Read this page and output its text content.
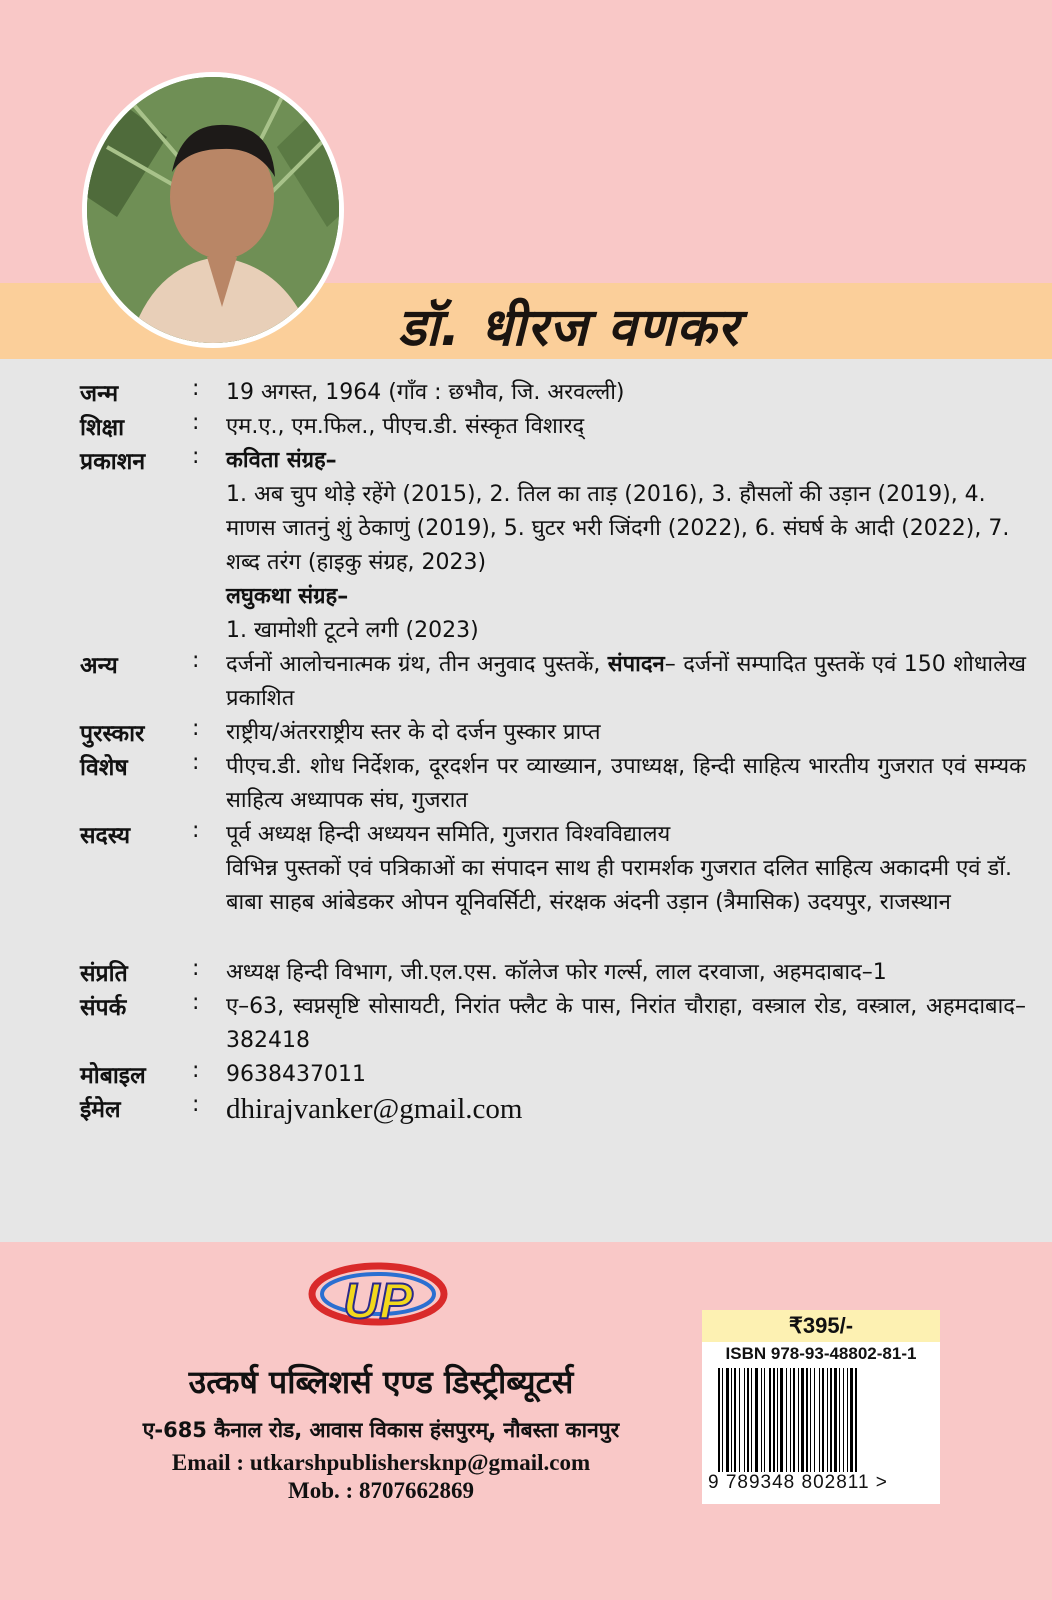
डॉ. धीरज वणकर
जन्म	: 19 अगस्त, 1964 (गाँव : छभौव, जि. अरवल्ली)
शिक्षा	: एम.ए., एम.फिल., पीएच.डी. संस्कृत विशारद्
प्रकाशन : कविता संग्रह–
1. अब चुप थोड़े रहेंगे (2015), 2. तिल का ताड़ (2016), 3. हौसलों की उड़ान (2019), 4. माणस जातनुं शुं ठेकाणुं (2019), 5. घुटर भरी जिंदगी (2022), 6. संघर्ष के आदी (2022), 7. शब्द तरंग (हाइकु संग्रह, 2023)
लघुकथा संग्रह–
1. खामोशी टूटने लगी (2023)
अन्य	: दर्जनों आलोचनात्मक ग्रंथ, तीन अनुवाद पुस्तकें, संपादन– दर्जनों सम्पादित पुस्तकें एवं 150 शोधालेख प्रकाशित
पुरस्कार : राष्ट्रीय/अंतरराष्ट्रीय स्तर के दो दर्जन पुस्कार प्राप्त
विशेष	: पीएच.डी. शोध निर्देशक, दूरदर्शन पर व्याख्यान, उपाध्यक्ष, हिन्दी साहित्य भारतीय गुजरात एवं सम्यक साहित्य अध्यापक संघ, गुजरात
सदस्य	: पूर्व अध्यक्ष हिन्दी अध्ययन समिति, गुजरात विश्वविद्यालय
विभिन्न पुस्तकों एवं पत्रिकाओं का संपादन साथ ही परामर्शक गुजरात दलित साहित्य अकादमी एवं डॉ. बाबा साहब आंबेडकर ओपन यूनिवर्सिटी, संरक्षक अंदनी उड़ान (त्रैमासिक) उदयपुर, राजस्थान
संप्रति	: अध्यक्ष हिन्दी विभाग, जी.एल.एस. कॉलेज फोर गर्ल्स, लाल दरवाजा, अहमदाबाद–1
संपर्क	: ए–63, स्वप्नसृष्टि सोसायटी, निरांत फ्लैट के पास, निरांत चौराहा, वस्त्राल रोड, वस्त्राल, अहमदाबाद–382418
मोबाइल : 9638437011
ईमेल	: dhirajvanker@gmail.com
UP
उत्कर्ष पब्लिशर्स एण्ड डिस्ट्रीब्यूटर्स
ए-685 कैनाल रोड, आवास विकास हंसपुरम्, नौबस्ता कानपुर
Email : utkarshpublishersknp@gmail.com
Mob. : 8707662869
₹395/-
ISBN 978-93-48802-81-1
9 789348 802811 >
